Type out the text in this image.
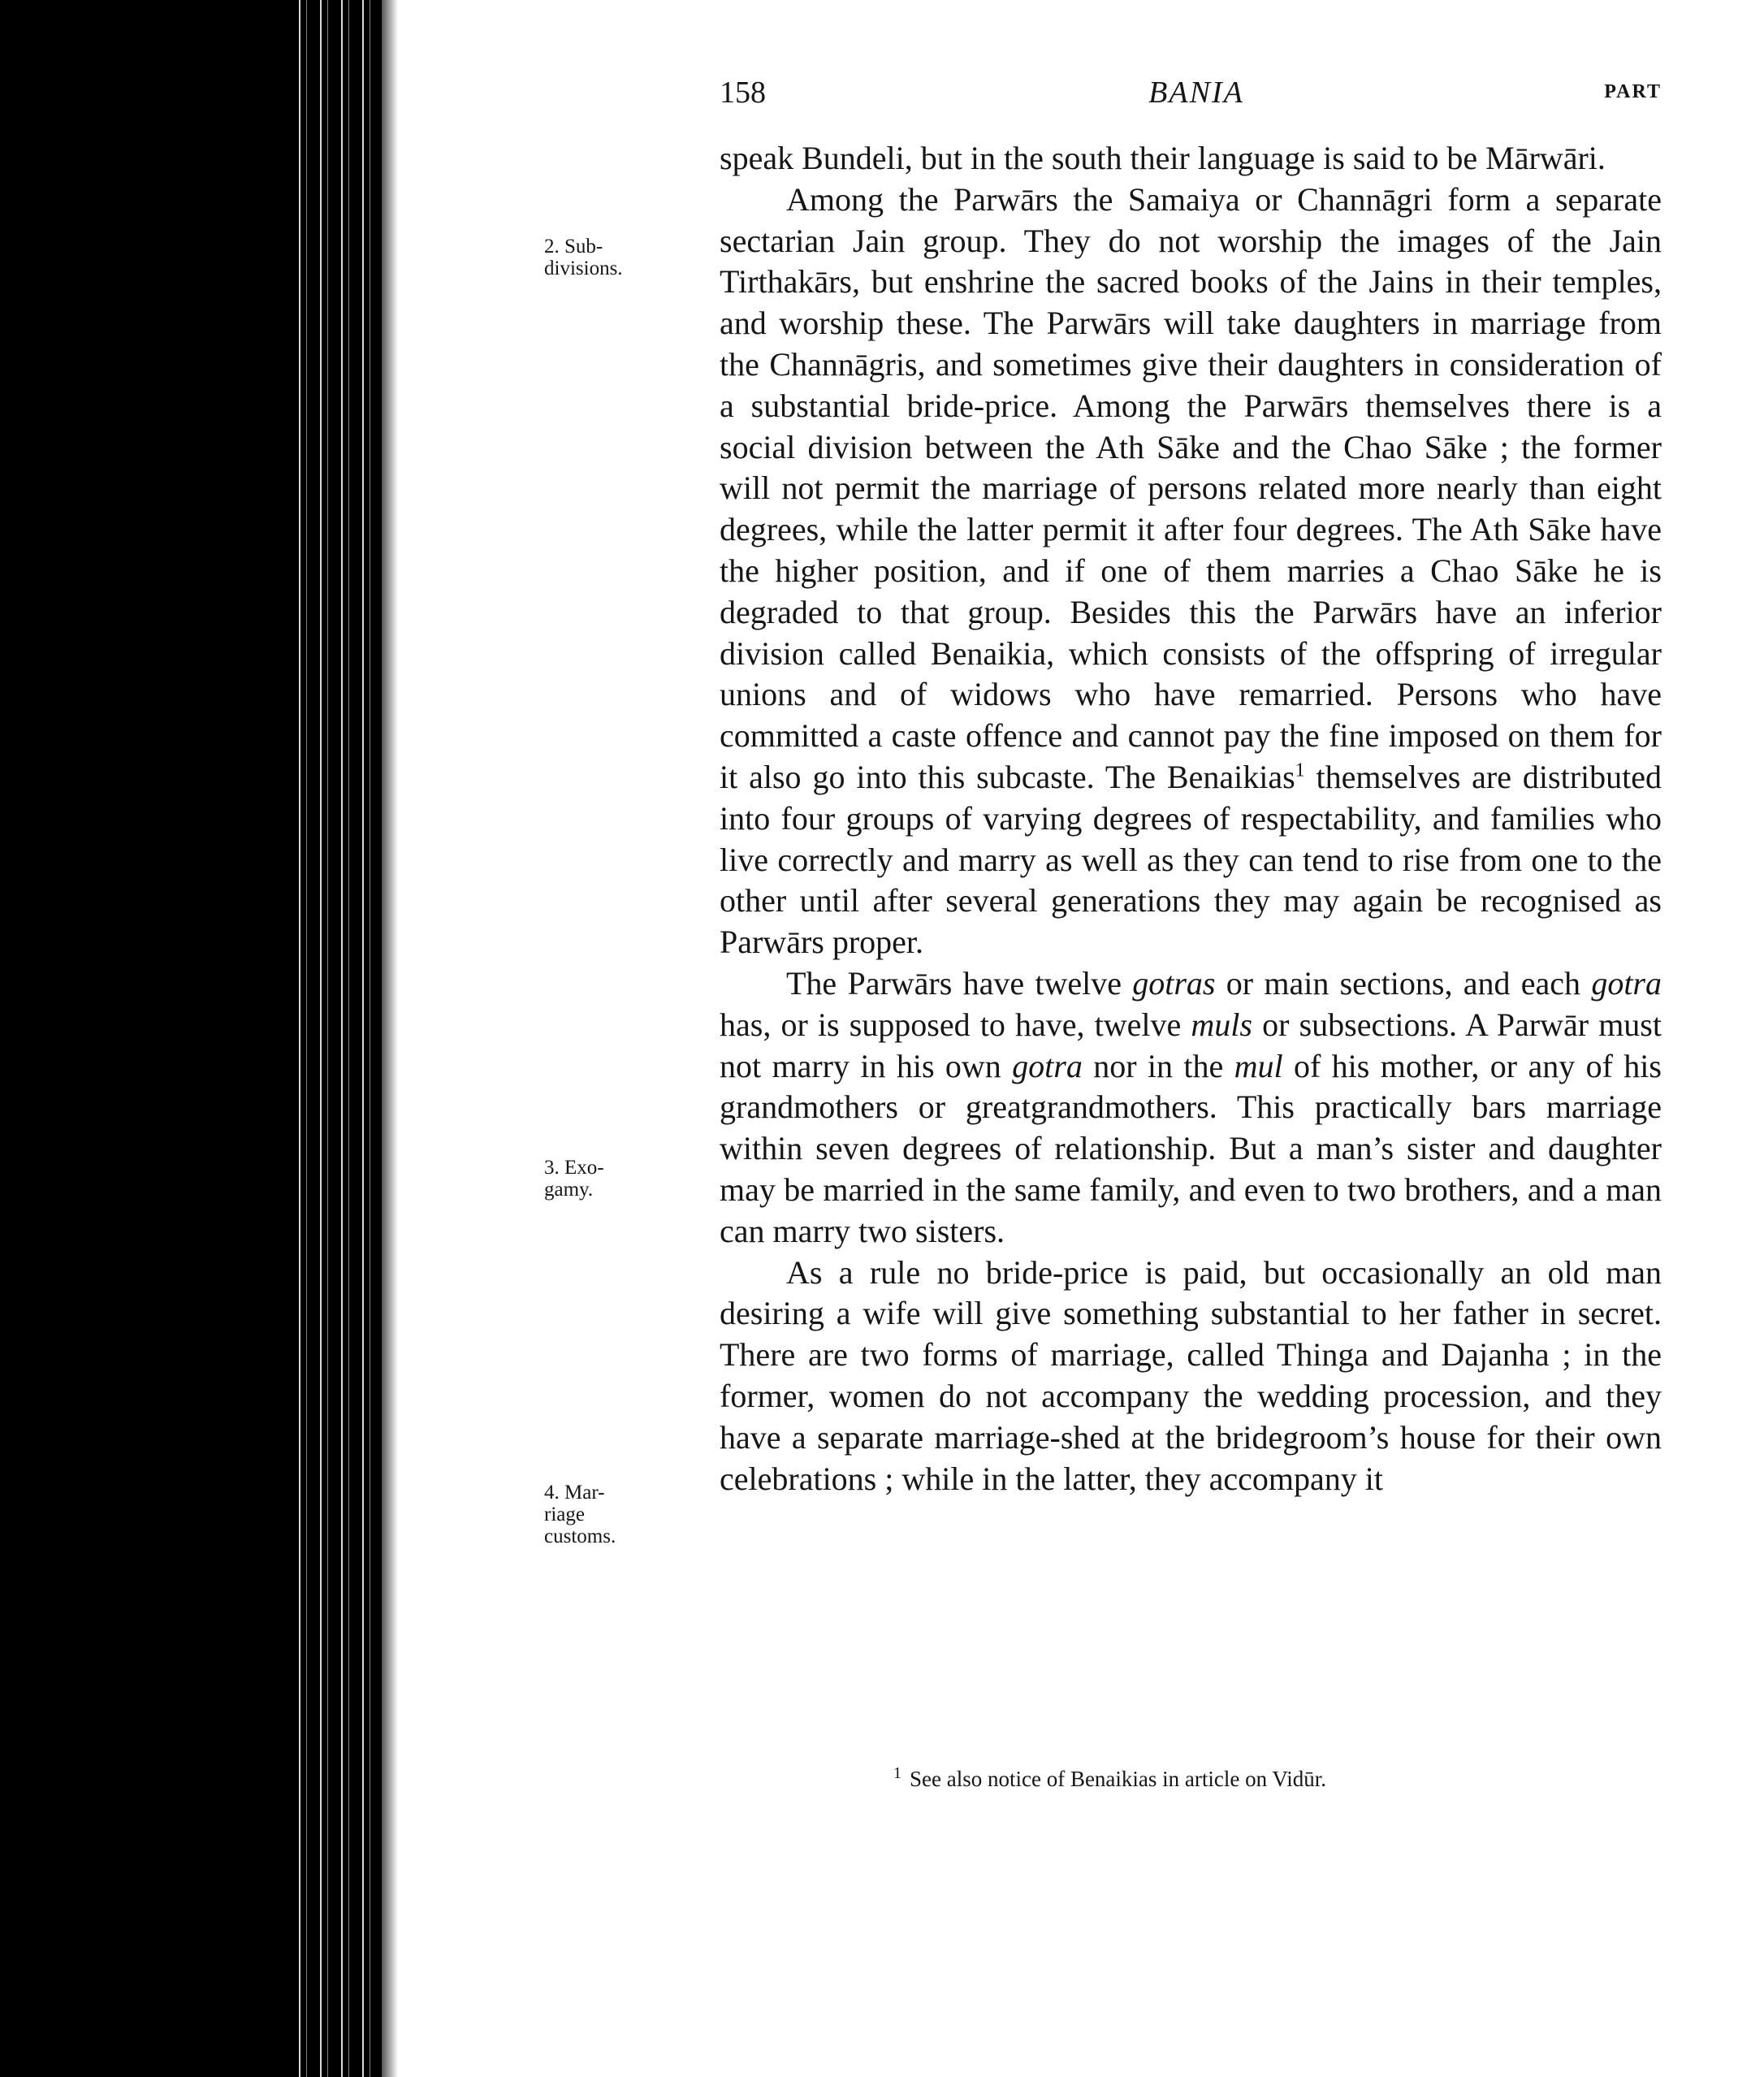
158	BANIA	PART
2. Sub-
divisions.
3. Exo-
gamy.
4. Mar-
riage
customs.

speak Bundeli, but in the south their language is said to be Mārwāri.

Among the Parwārs the Samaiya or Channāgri form a separate sectarian Jain group. They do not worship the images of the Jain Tirthakārs, but enshrine the sacred books of the Jains in their temples, and worship these. The Parwārs will take daughters in marriage from the Channāgris, and sometimes give their daughters in consideration of a substantial bride-price. Among the Parwārs themselves there is a social division between the Ath Sāke and the Chao Sāke ; the former will not permit the marriage of persons related more nearly than eight degrees, while the latter permit it after four degrees. The Ath Sāke have the higher position, and if one of them marries a Chao Sāke he is degraded to that group. Besides this the Parwārs have an inferior division called Benaikia, which consists of the offspring of irregular unions and of widows who have remarried. Persons who have committed a caste offence and cannot pay the fine imposed on them for it also go into this subcaste. The Benaikias$^1$ themselves are distributed into four groups of varying degrees of respectability, and families who live correctly and marry as well as they can tend to rise from one to the other until after several generations they may again be recognised as Parwārs proper.

The Parwārs have twelve gotras or main sections, and each gotra has, or is supposed to have, twelve muls or subsections. A Parwār must not marry in his own gotra nor in the mul of his mother, or any of his grandmothers or greatgrandmothers. This practically bars marriage within seven degrees of relationship. But a man’s sister and daughter may be married in the same family, and even to two brothers, and a man can marry two sisters.

As a rule no bride-price is paid, but occasionally an old man desiring a wife will give something substantial to her father in secret. There are two forms of marriage, called Thinga and Dajanha ; in the former, women do not accompany the wedding procession, and they have a separate marriage-shed at the bridegroom’s house for their own celebrations ; while in the latter, they accompany it

$^1$ See also notice of Benaikias in article on Vidūr.
